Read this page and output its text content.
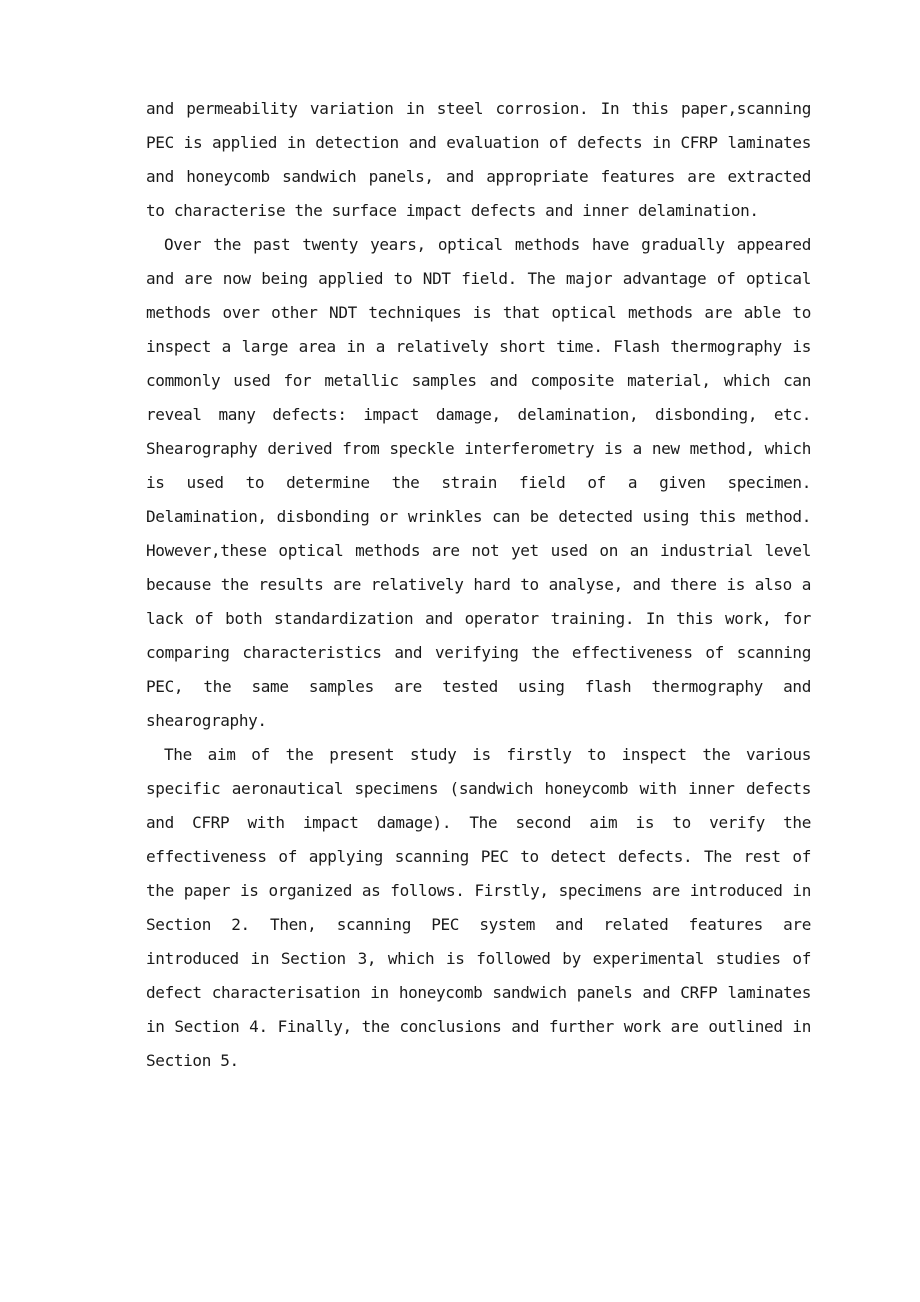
and permeability variation in steel corrosion. In this paper,scanning PEC is applied in detection and evaluation of defects in CFRP laminates and honeycomb sandwich panels, and appropriate features are extracted to characterise the surface impact defects and inner delamination.

Over the past twenty years, optical methods have gradually appeared and are now being applied to NDT field. The major advantage of optical methods over other NDT techniques is that optical methods are able to inspect a large area in a relatively short time. Flash thermography is commonly used for metallic samples and composite material, which can reveal many defects: impact damage, delamination, disbonding, etc. Shearography derived from speckle interferometry is a new method, which is used to determine the strain field of a given specimen. Delamination, disbonding or wrinkles can be detected using this method. However,these optical methods are not yet used on an industrial level because the results are relatively hard to analyse, and there is also a lack of both standardization and operator training. In this work, for comparing characteristics and verifying the effectiveness of scanning PEC, the same samples are tested using flash thermography and shearography.

The aim of the present study is firstly to inspect the various specific aeronautical specimens (sandwich honeycomb with inner defects and CFRP with impact damage). The second aim is to verify the effectiveness of applying scanning PEC to detect defects. The rest of the paper is organized as follows. Firstly, specimens are introduced in Section 2. Then, scanning PEC system and related features are introduced in Section 3, which is followed by experimental studies of defect characterisation in honeycomb sandwich panels and CRFP laminates in Section 4. Finally, the conclusions and further work are outlined in Section 5.
